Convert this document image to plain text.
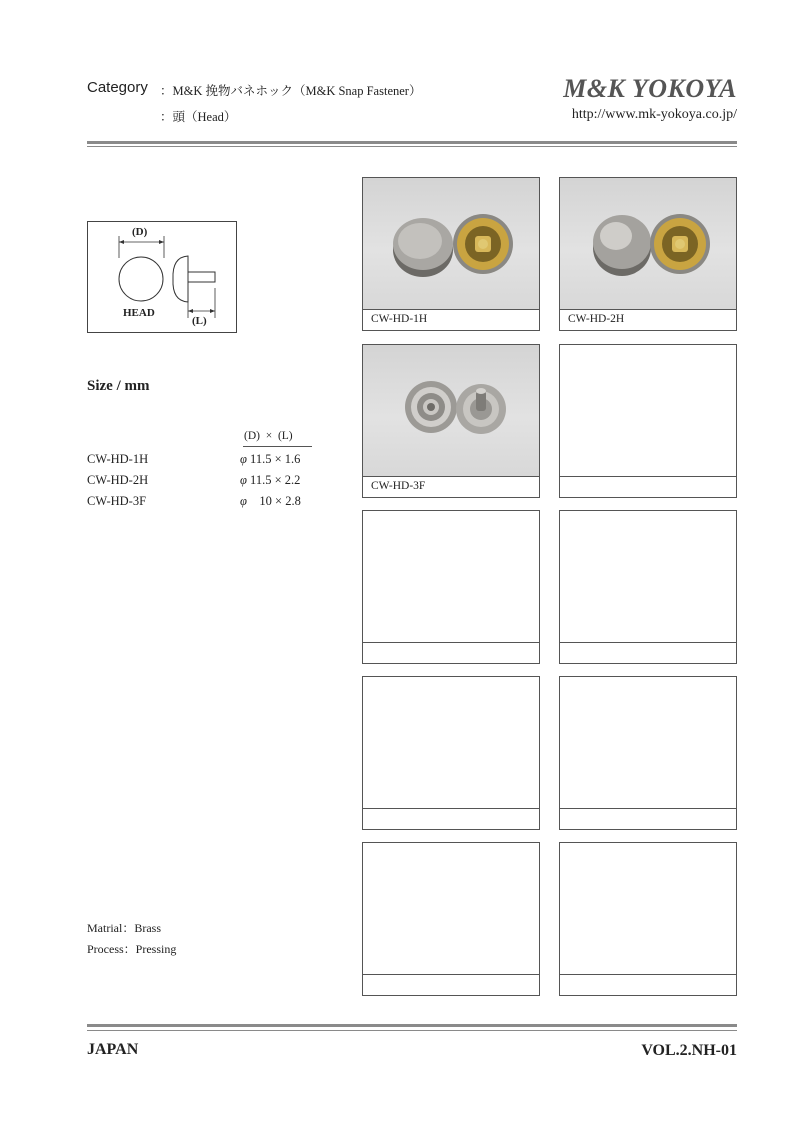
Category ：M&K 挽物バネホック（M&K Snap Fastener）
：頭（Head）
M&K YOKOYA
http://www.mk-yokoya.co.jp/
(D)
(L)
HEAD
Size / mm
(D)  ×  (L)
CW-HD-1H	φ 11.5 × 1.6
CW-HD-2H	φ 11.5 × 2.2
CW-HD-3F	φ    10 × 2.8
Matrial：Brass
Process：Pressing
CW-HD-1H	CW-HD-2H
CW-HD-3F
JAPAN	VOL.2.NH-01
